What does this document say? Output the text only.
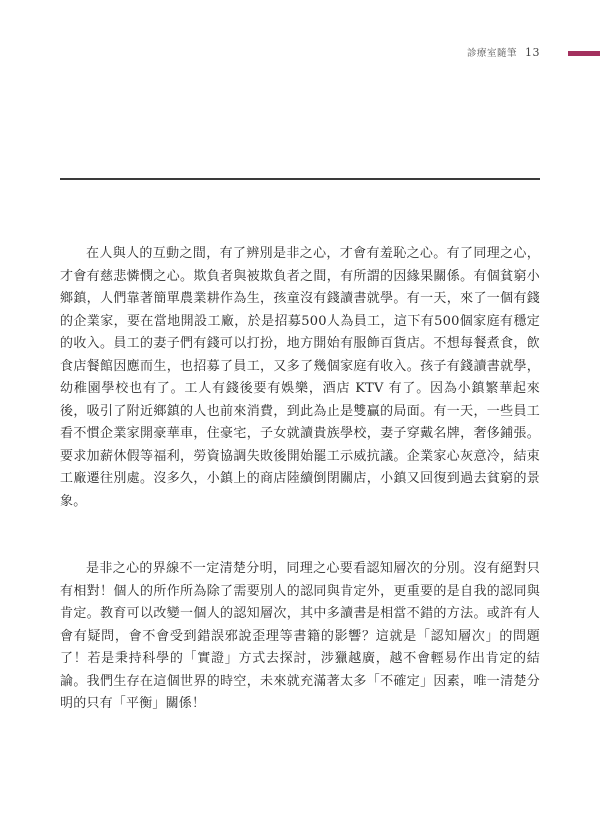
診療室隨筆 13

在人與人的互動之間，有了辨別是非之心，才會有羞恥之心。有了同理之心，才會有慈悲憐憫之心。欺負者與被欺負者之間，有所謂的因緣果關係。有個貧窮小鄉鎮，人們靠著簡單農業耕作為生，孩童沒有錢讀書就學。有一天，來了一個有錢的企業家，要在當地開設工廠，於是招募500人為員工，這下有500個家庭有穩定的收入。員工的妻子們有錢可以打扮，地方開始有服飾百貨店。不想每餐煮食，飲食店餐館因應而生，也招募了員工，又多了幾個家庭有收入。孩子有錢讀書就學，幼稚園學校也有了。工人有錢後要有娛樂，酒店 KTV 有了。因為小鎮繁華起來後，吸引了附近鄉鎮的人也前來消費，到此為止是雙贏的局面。有一天，一些員工看不慣企業家開豪華車，住豪宅，子女就讀貴族學校，妻子穿戴名牌，奢侈鋪張。要求加薪休假等福利，勞資協調失敗後開始罷工示威抗議。企業家心灰意冷，結束工廠遷往別處。沒多久，小鎮上的商店陸續倒閉關店，小鎮又回復到過去貧窮的景象。

是非之心的界線不一定清楚分明，同理之心要看認知層次的分別。沒有絕對只有相對！個人的所作所為除了需要別人的認同與肯定外，更重要的是自我的認同與肯定。教育可以改變一個人的認知層次，其中多讀書是相當不錯的方法。或許有人會有疑問，會不會受到錯誤邪說歪理等書籍的影響？這就是「認知層次」的問題了！若是秉持科學的「實證」方式去探討，涉獵越廣，越不會輕易作出肯定的結論。我們生存在這個世界的時空，未來就充滿著太多「不確定」因素，唯一清楚分明的只有「平衡」關係！
